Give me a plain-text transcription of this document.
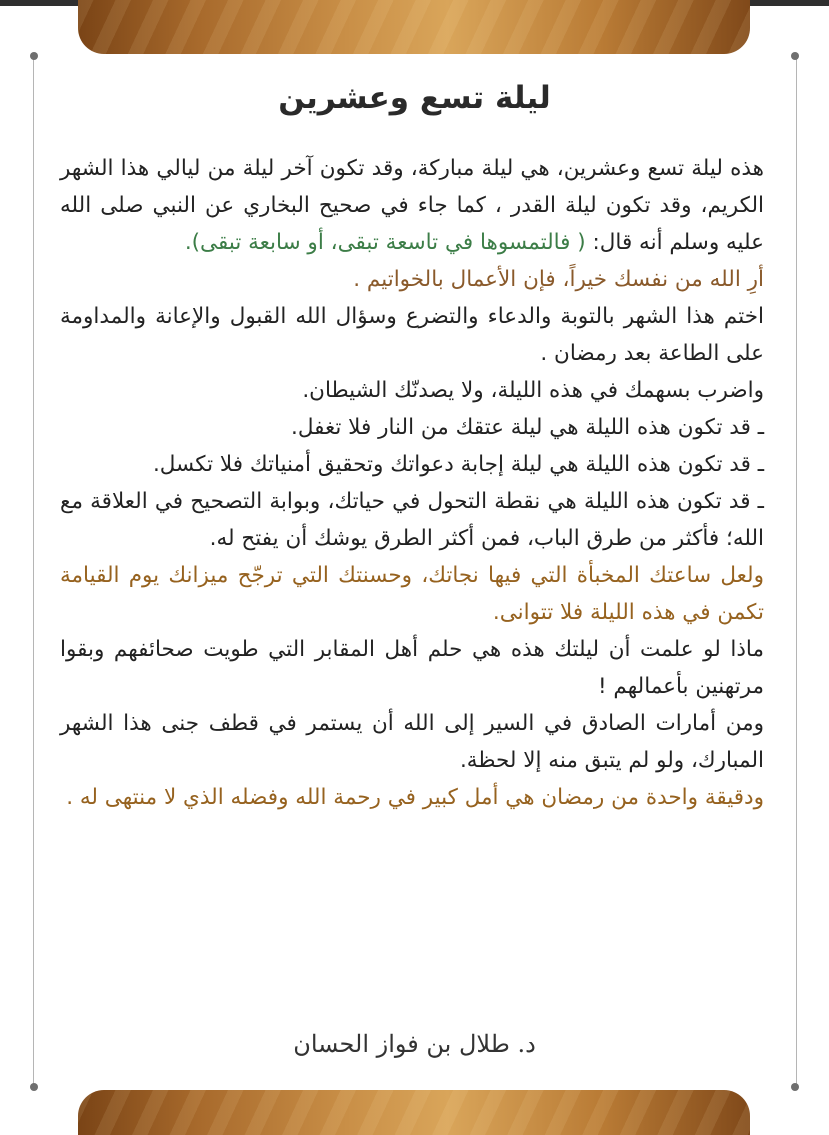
ليلة تسع وعشرين

هذه ليلة تسع وعشرين، هي ليلة مباركة، وقد تكون آخر ليلة من ليالي هذا الشهر الكريم، وقد تكون ليلة القدر ، كما جاء في صحيح البخاري عن النبي صلى الله عليه وسلم أنه قال: ( فالتمسوها في تاسعة تبقى، أو سابعة تبقى).

أرِ الله من نفسك خيراً، فإن الأعمال بالخواتيم .

اختم هذا الشهر بالتوبة والدعاء والتضرع وسؤال الله القبول والإعانة والمداومة على الطاعة بعد رمضان .

واضرب بسهمك في هذه الليلة، ولا يصدنّك الشيطان.

ـ قد تكون هذه الليلة هي ليلة عتقك من النار فلا تغفل.

ـ قد تكون هذه الليلة هي ليلة إجابة دعواتك وتحقيق أمنياتك فلا تكسل.

ـ قد تكون هذه الليلة هي نقطة التحول في حياتك، وبوابة التصحيح في العلاقة مع الله؛ فأكثر من طرق الباب، فمن أكثر الطرق يوشك أن يفتح له.

ولعل ساعتك المخبأة التي فيها نجاتك، وحسنتك التي ترجّح ميزانك يوم القيامة تكمن في هذه الليلة فلا تتوانى.

ماذا لو علمت أن ليلتك هذه هي حلم أهل المقابر التي طويت صحائفهم وبقوا مرتهنين بأعمالهم !

ومن أمارات الصادق في السير إلى الله أن يستمر في قطف جنى هذا الشهر المبارك، ولو لم يتبق منه إلا لحظة.

ودقيقة واحدة من رمضان هي أمل كبير في رحمة الله وفضله الذي لا منتهى له .

د. طلال بن فواز الحسان
